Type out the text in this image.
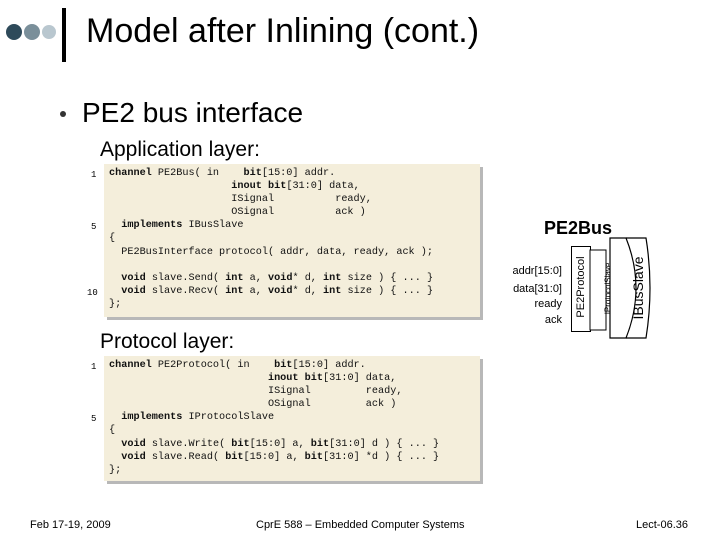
Model after Inlining (cont.)
PE2 bus interface
Application layer:
channel PE2Bus( in    bit[15:0] addr.
inout bit[31:0] data,
ISignal          ready,
OSignal          ack )
implements IBusSlave
{
PE2BusInterface protocol( addr, data, ready, ack );

void slave.Send( int a, void* d, int size ) { ... }
void slave.Recv( int a, void* d, int size ) { ... }
};
1
5
10
Protocol layer:
channel PE2Protocol( in    bit[15:0] addr.
inout bit[31:0] data,
ISignal         ready,
OSignal         ack )
implements IProtocolSlave
{
void slave.Write( bit[15:0] a, bit[31:0] d ) { ... }
void slave.Read( bit[15:0] a, bit[31:0] *d ) { ... }
};
1
5
PE2Bus
addr[15:0]
data[31:0]
ready
ack
PE2Protocol IProtocolSlave IBusSlave
Feb 17-19, 2009	CprE 588 – Embedded Computer Systems	Lect-06.36
